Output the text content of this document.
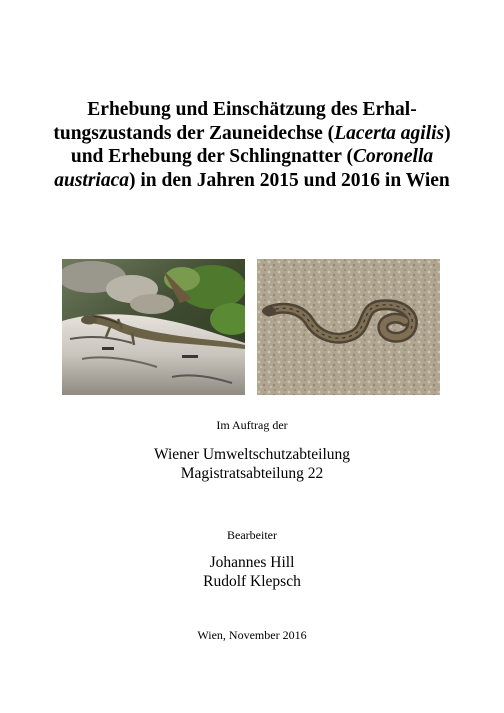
Erhebung und Einschätzung des Erhal-tungszustands der Zauneidechse (Lacerta agilis) und Erhebung der Schlingnatter (Coronella austriaca) in den Jahren 2015 und 2016 in Wien
Im Auftrag der
Wiener Umweltschutzabteilung
Magistratsabteilung 22
Bearbeiter
Johannes Hill
Rudolf Klepsch
Wien, November 2016
